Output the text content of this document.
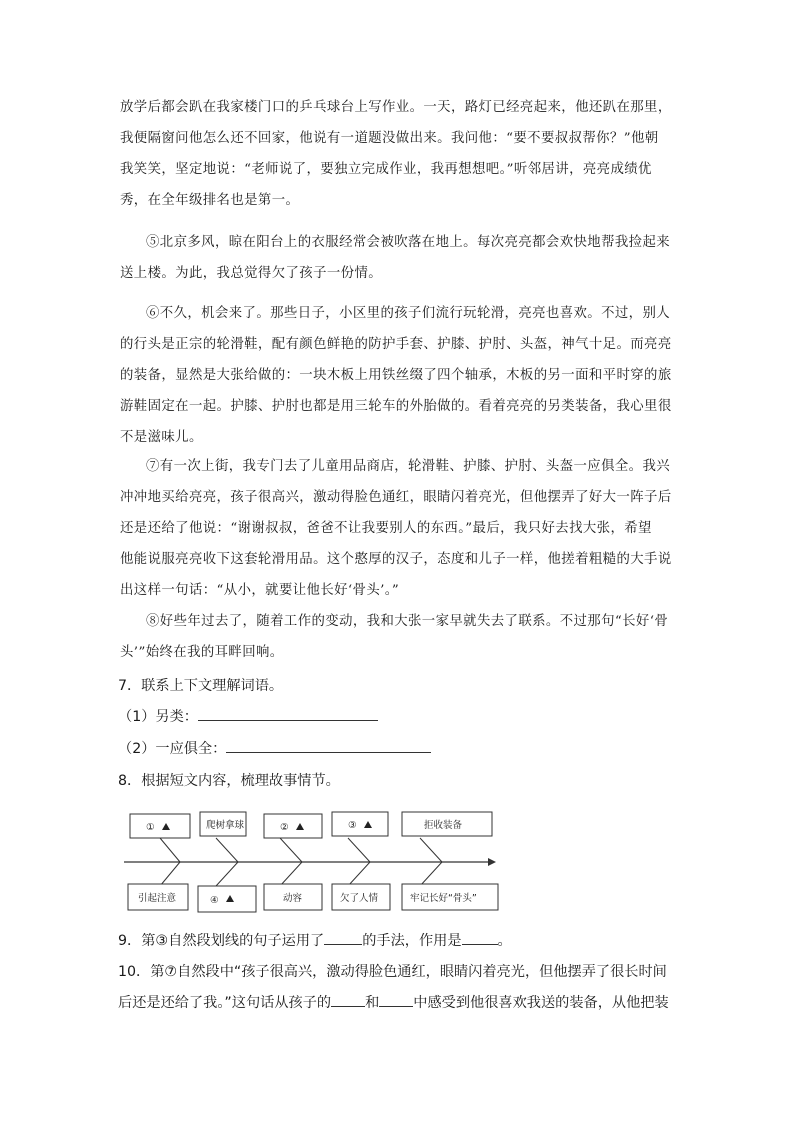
放学后都会趴在我家楼门口的乒乓球台上写作业。一天，路灯已经亮起来，他还趴在那里，
我便隔窗问他怎么还不回家，他说有一道题没做出来。我问他：“要不要叔叔帮你？”他朝
我笑笑，坚定地说：“老师说了，要独立完成作业，我再想想吧。”听邻居讲，亮亮成绩优
秀，在全年级排名也是第一。
⑤北京多风，晾在阳台上的衣服经常会被吹落在地上。每次亮亮都会欢快地帮我捡起来
送上楼。为此，我总觉得欠了孩子一份情。
⑥不久，机会来了。那些日子，小区里的孩子们流行玩轮滑，亮亮也喜欢。不过，别人
的行头是正宗的轮滑鞋，配有颜色鲜艳的防护手套、护膝、护肘、头盔，神气十足。而亮亮
的装备，显然是大张给做的：一块木板上用铁丝缀了四个轴承，木板的另一面和平时穿的旅
游鞋固定在一起。护膝、护肘也都是用三轮车的外胎做的。看着亮亮的另类装备，我心里很
不是滋味儿。
⑦有一次上街，我专门去了儿童用品商店，轮滑鞋、护膝、护肘、头盔一应俱全。我兴
冲冲地买给亮亮，孩子很高兴，激动得脸色通红，眼睛闪着亮光，但他摆弄了好大一阵子后
还是还给了他说：“谢谢叔叔，爸爸不让我要别人的东西。”最后，我只好去找大张，希望
他能说服亮亮收下这套轮滑用品。这个憨厚的汉子，态度和儿子一样，他搓着粗糙的大手说
出这样一句话：“从小，就要让他长好‘骨头’。”
⑧好些年过去了，随着工作的变动，我和大张一家早就失去了联系。不过那句“长好‘骨
头’”始终在我的耳畔回响。
7．联系上下文理解词语。
（1）另类：
（2）一应俱全：
8．根据短文内容，梳理故事情节。
①	爬树拿球	②	③	拒收装备
引起注意	④	动容	欠了人情	牢记长好“骨头”
9．第③自然段划线的句子运用了	的手法，作用是	。
10．第⑦自然段中“孩子很高兴，激动得脸色通红，眼睛闪着亮光，但他摆弄了很长时间
后还是还给了我。”这句话从孩子的 和 中感受到他很喜欢我送的装备，从他把装
